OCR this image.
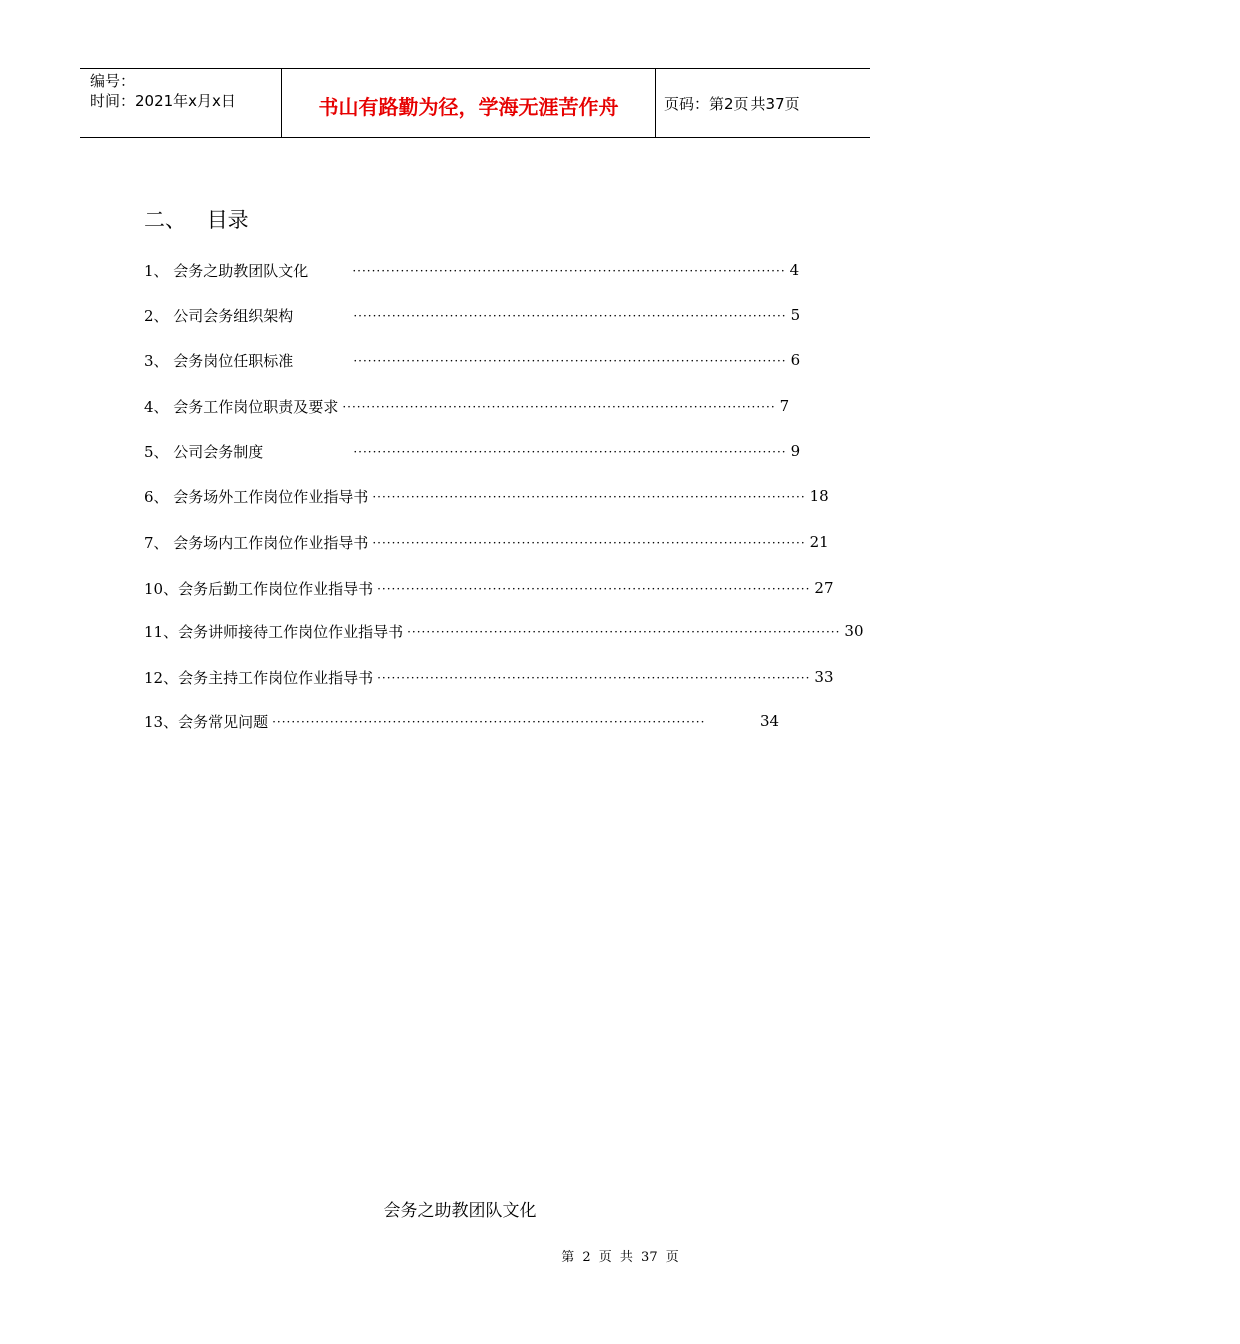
编号：
时间：2021年x月x日	书山有路勤为径，学海无涯苦作舟	页码：第2页 共37页
二、 目录
1、 会务之助教团队文化	·························································································· 4
2、 公司会务组织架构	·························································································· 5
3、 会务岗位任职标准	·························································································· 6
4、 会务工作岗位职责及要求 ·························································································· 7
5、 公司会务制度	·························································································· 9
6、 会务场外工作岗位作业指导书 ·························································································· 18
7、 会务场内工作岗位作业指导书 ·························································································· 21
10、会务后勤工作岗位作业指导书 ·························································································· 27
11、会务讲师接待工作岗位作业指导书 ·························································································· 30
12、会务主持工作岗位作业指导书 ·························································································· 33
13、会务常见问题 ··························································································	34
会务之助教团队文化
第 2 页 共 37 页
